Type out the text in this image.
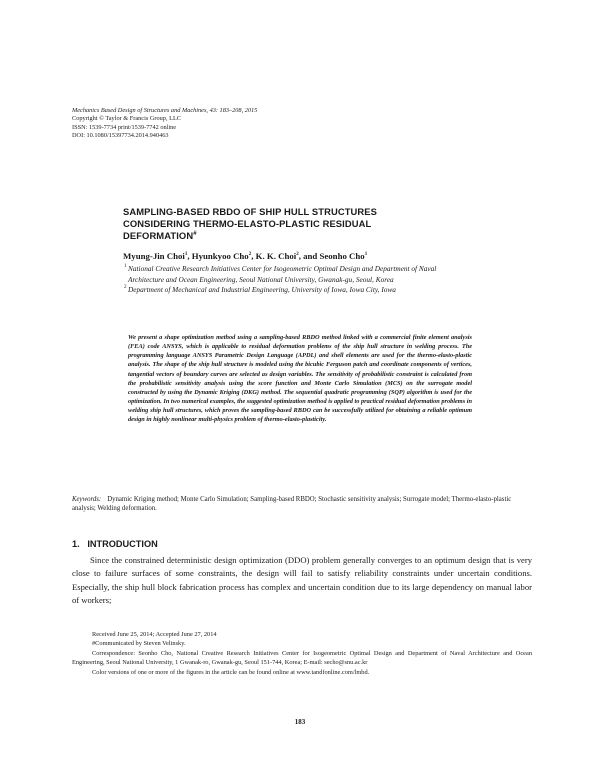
Mechanics Based Design of Structures and Machines, 43: 183–208, 2015
Copyright © Taylor & Francis Group, LLC
ISSN: 1539-7734 print/1539-7742 online
DOI: 10.1080/15397734.2014.940463
SAMPLING-BASED RBDO OF SHIP HULL STRUCTURES
CONSIDERING THERMO-ELASTO-PLASTIC RESIDUAL
DEFORMATION#
Myung-Jin Choi$^1$, Hyunkyoo Cho$^2$, K. K. Choi$^2$, and Seonho Cho$^1$

1 National Creative Research Initiatives Center for Isogeometric Optimal Design and Department of Naval Architecture and Ocean Engineering, Seoul National University, Gwanak-gu, Seoul, Korea

2 Department of Mechanical and Industrial Engineering, University of Iowa, Iowa City, Iowa

We present a shape optimization method using a sampling-based RBDO method linked with a commercial finite element analysis (FEA) code ANSYS, which is applicable to residual deformation problems of the ship hull structure in welding process. The programming language ANSYS Parametric Design Language (APDL) and shell elements are used for the thermo-elasto-plastic analysis. The shape of the ship hull structure is modeled using the bicubic Ferguson patch and coordinate components of vertices, tangential vectors of boundary curves are selected as design variables. The sensitivity of probabilistic constraint is calculated from the probabilistic sensitivity analysis using the score function and Monte Carlo Simulation (MCS) on the surrogate model constructed by using the Dynamic Kriging (DKG) method. The sequential quadratic programming (SQP) algorithm is used for the optimization. In two numerical examples, the suggested optimization method is applied to practical residual deformation problems in welding ship hull structures, which proves the sampling-based RBDO can be successfully utilized for obtaining a reliable optimum design in highly nonlinear multi-physics problem of thermo-elasto-plasticity.
Keywords: Dynamic Kriging method; Monte Carlo Simulation; Sampling-based RBDO; Stochastic sensitivity analysis; Surrogate model; Thermo-elasto-plastic analysis; Welding deformation.
1.   INTRODUCTION

Since the constrained deterministic design optimization (DDO) problem generally converges to an optimum design that is very close to failure surfaces of some constraints, the design will fail to satisfy reliability constraints under uncertain conditions. Especially, the ship hull block fabrication process has complex and uncertain condition due to its large dependency on manual labor of workers;

Received June 25, 2014; Accepted June 27, 2014

#Communicated by Steven Velinsky.

Correspondence: Seonho Cho, National Creative Research Initiatives Center for Isogeometric Optimal Design and Department of Naval Architecture and Ocean Engineering, Seoul National University, 1 Gwanak-ro, Gwanak-gu, Seoul 151-744, Korea; E-mail: secho@snu.ac.kr

Color versions of one or more of the figures in the article can be found online at www.tandfonline.com/lmbd.

183
